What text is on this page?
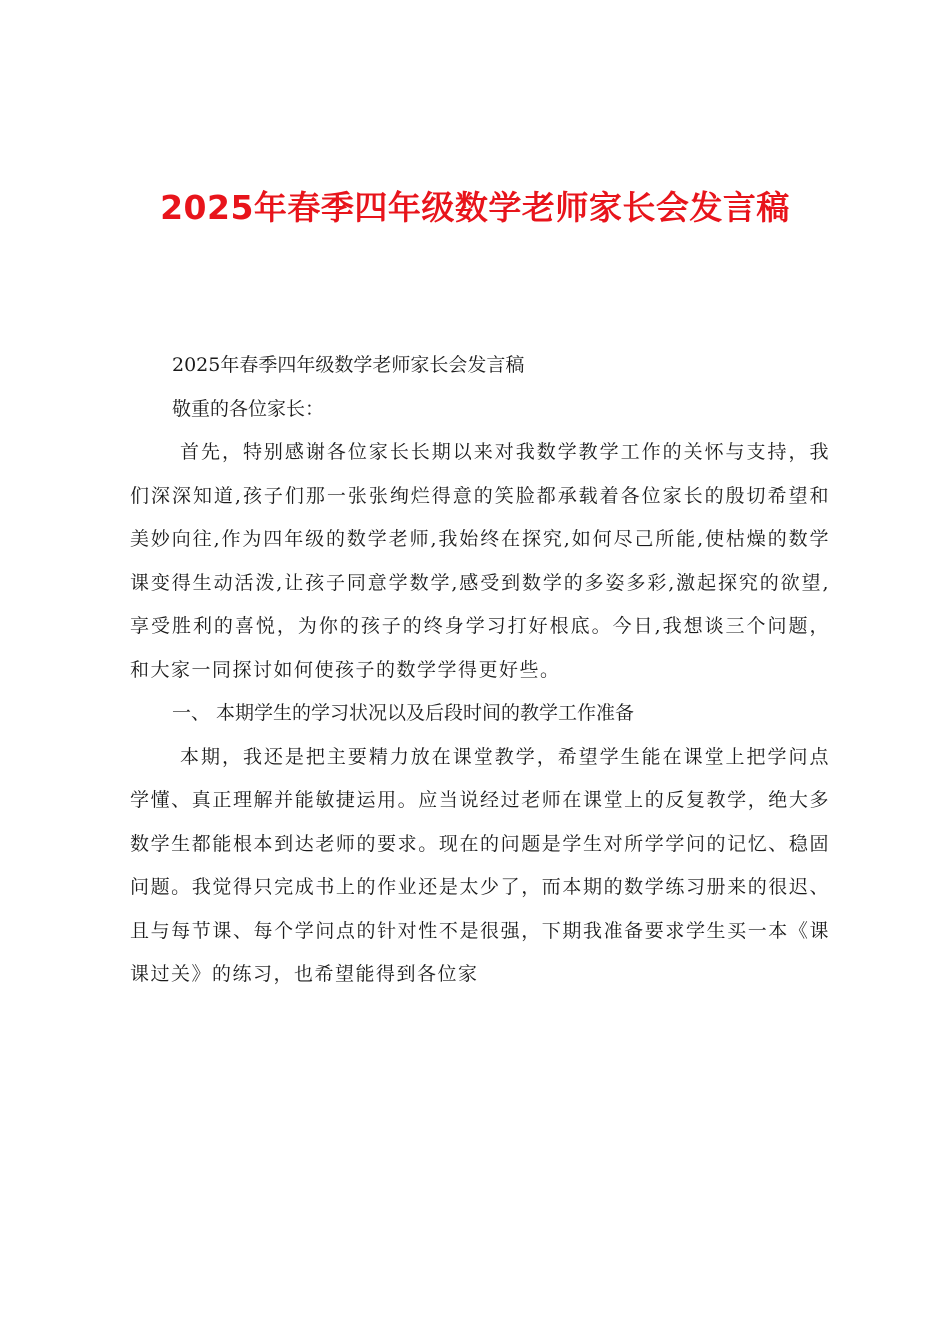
2025年春季四年级数学老师家长会发言稿

2025年春季四年级数学老师家长会发言稿

敬重的各位家长：

首先，特别感谢各位家长长期以来对我数学教学工作的关怀与支持，我们深深知道,孩子们那一张张绚烂得意的笑脸都承载着各位家长的殷切希望和美妙向往,作为四年级的数学老师,我始终在探究,如何尽己所能,使枯燥的数学课变得生动活泼,让孩子同意学数学,感受到数学的多姿多彩,激起探究的欲望,享受胜利的喜悦，为你的孩子的终身学习打好根底。今日,我想谈三个问题，和大家一同探讨如何使孩子的数学学得更好些。

一、 本期学生的学习状况以及后段时间的教学工作准备

本期，我还是把主要精力放在课堂教学，希望学生能在课堂上把学问点学懂、真正理解并能敏捷运用。应当说经过老师在课堂上的反复教学，绝大多数学生都能根本到达老师的要求。现在的问题是学生对所学学问的记忆、稳固问题。我觉得只完成书上的作业还是太少了，而本期的数学练习册来的很迟、且与每节课、每个学问点的针对性不是很强，下期我准备要求学生买一本《课课过关》的练习，也希望能得到各位家
